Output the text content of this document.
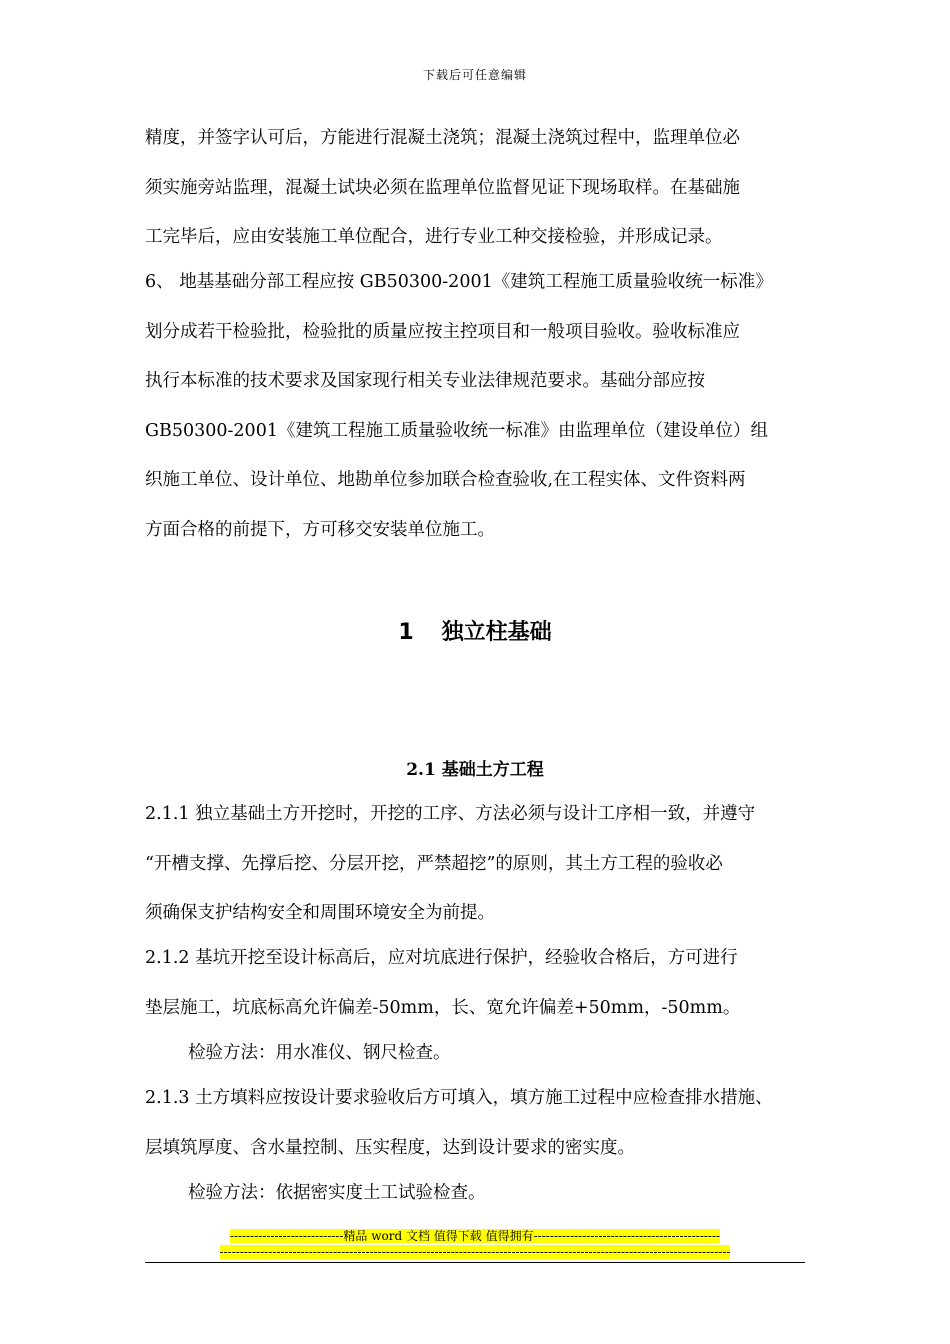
下载后可任意编辑
精度，并签字认可后，方能进行混凝土浇筑；混凝土浇筑过程中，监理单位必
须实施旁站监理，混凝土试块必须在监理单位监督见证下现场取样。在基础施
工完毕后，应由安装施工单位配合，进行专业工种交接检验，并形成记录。
6、 地基基础分部工程应按 GB50300-2001《建筑工程施工质量验收统一标准》
划分成若干检验批，检验批的质量应按主控项目和一般项目验收。验收标准应
执行本标准的技术要求及国家现行相关专业法律规范要求。基础分部应按
GB50300-2001《建筑工程施工质量验收统一标准》由监理单位（建设单位）组
织施工单位、设计单位、地勘单位参加联合检查验收,在工程实体、文件资料两
方面合格的前提下，方可移交安装单位施工。
1 独立柱基础
2.1 基础土方工程
2.1.1 独立基础土方开挖时，开挖的工序、方法必须与设计工序相一致，并遵守
“开槽支撑、先撑后挖、分层开挖，严禁超挖”的原则，其土方工程的验收必
须确保支护结构安全和周围环境安全为前提。
2.1.2 基坑开挖至设计标高后，应对坑底进行保护，经验收合格后，方可进行
垫层施工，坑底标高允许偏差-50mm，长、宽允许偏差+50mm，-50mm。
检验方法：用水准仪、钢尺检查。
2.1.3 土方填料应按设计要求验收后方可填入，填方施工过程中应检查排水措施、
层填筑厚度、含水量控制、压实程度，达到设计要求的密实度。
检验方法：依据密实度土工试验检查。
----------------------------精品 word 文档 值得下载 值得拥有----------------------------------------------
------------------------------------------------------------------------------------------------------------------------------
